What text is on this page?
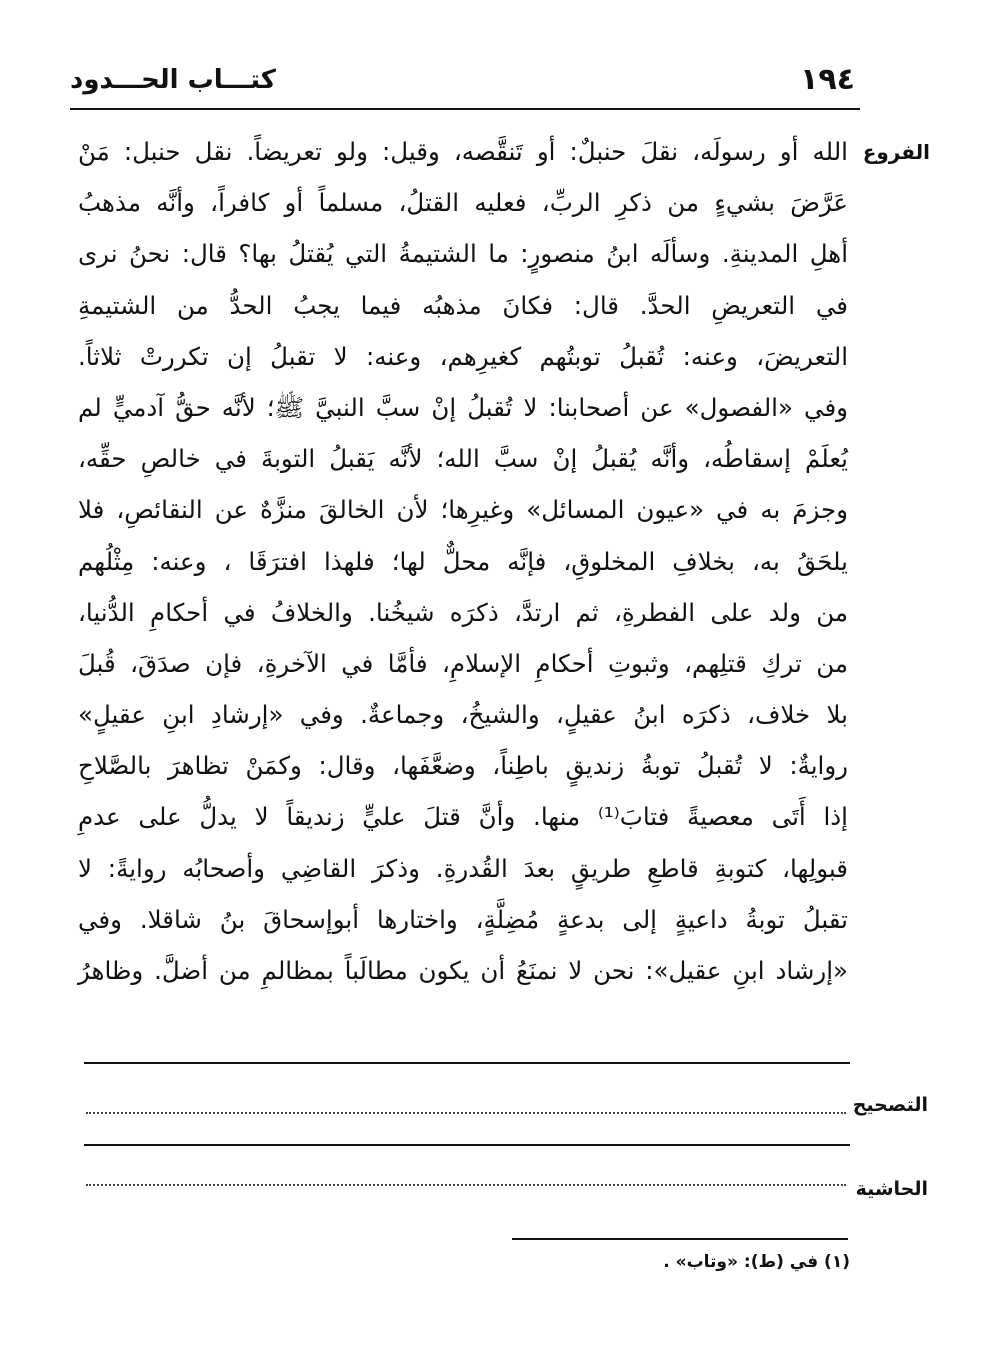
١٩٤
كتـــاب الحـــدود
الفروع
الله أو رسولَه، نقلَ حنبلٌ: أو تَنقَّصه، وقيل: ولو تعريضاً. نقل حنبل: مَنْ
عَرَّضَ بشيءٍ من ذكرِ الربِّ، فعليه القتلُ، مسلماً أو كافراً، وأنَّه مذهبُ
أهلِ المدينةِ. وسألَه ابنُ منصورٍ: ما الشتيمةُ التي يُقتلُ بها؟ قال: نحنُ نرى
في التعريضِ الحدَّ. قال: فكانَ مذهبُه فيما يجبُ الحدُّ من الشتيمةِ
التعريضَ، وعنه: تُقبلُ توبتُهم كغيرِهم، وعنه: لا تقبلُ إن تكررتْ ثلاثاً.
وفي «الفصول» عن أصحابنا: لا تُقبلُ إنْ سبَّ النبيَّ ﷺ؛ لأنَّه حقُّ آدميٍّ لم
يُعلَمْ إسقاطُه، وأنَّه يُقبلُ إنْ سبَّ الله؛ لأنَّه يَقبلُ التوبةَ في خالصِ حقِّه،
وجزمَ به في «عيون المسائل» وغيرِها؛ لأن الخالقَ منزَّهٌ عن النقائصِ، فلا
يلحَقُ به، بخلافِ المخلوقِ، فإنَّه محلٌّ لها؛ فلهذا افترَقَا ، وعنه: مِثْلُهم
من ولد على الفطرةِ، ثم ارتدَّ، ذكرَه شيخُنا. والخلافُ في أحكامِ الدُّنيا،
من تركِ قتلِهم، وثبوتِ أحكامِ الإسلامِ، فأمَّا في الآخرةِ، فإن صدَقَ، قُبلَ
بلا خلاف، ذكرَه ابنُ عقيلٍ، والشيخُ، وجماعةٌ. وفي «إرشادِ ابنِ عقيلٍ»
روايةٌ: لا تُقبلُ توبةُ زنديقٍ باطِناً، وضعَّفَها، وقال: وكمَنْ تظاهرَ بالصَّلاحِ
إذا أَتَى معصيةً فتابَ⁽¹⁾ منها. وأنَّ قتلَ عليٍّ زنديقاً لا يدلُّ على عدمِ
قبولِها، كتوبةِ قاطعِ طريقٍ بعدَ القُدرةِ. وذكرَ القاضِي وأصحابُه روايةً: لا
تقبلُ توبةُ داعيةٍ إلى بدعةٍ مُضِلَّةٍ، واختارها أبوإسحاقَ بنُ شاقلا. وفي
«إرشاد ابنِ عقيل»: نحن لا نمنَعُ أن يكون مطالَباً بمظالمِ من أضلَّ. وظاهرُ
التصحيح
الحاشية
(١) في (ط): «وتاب» .
